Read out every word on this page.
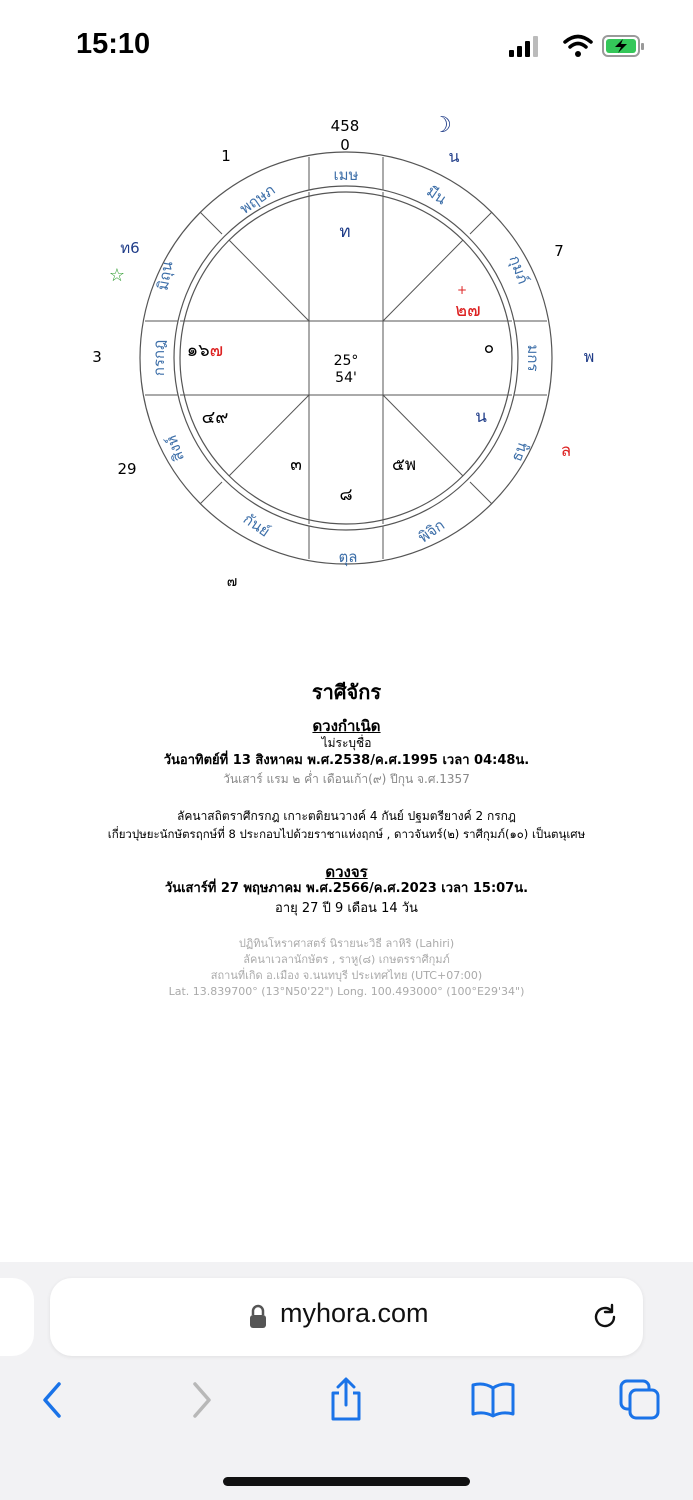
15:10
เมษ
พฤษภ
มิถุน
กรกฎ
สิงห์
กันย์
ตุล
พิจิก
ธนู
มกร
กุมภ์
มีน
458
0
1
☽
น
ท6
☆
7
3	พ
ล
29
๗
ท
+
๒๗
๐
น
๕พ
๘
๓
๔๙
๑๖๗	25°
54'
ราศีจักร
ดวงกำเนิด
ไม่ระบุชื่อ
วันอาทิตย์ที่ 13 สิงหาคม พ.ศ.2538/ค.ศ.1995 เวลา 04:48น.
วันเสาร์ แรม ๒ ค่ำ เดือนเก้า(๙) ปีกุน จ.ศ.1357
ลัคนาสถิตราศีกรกฎ เกาะตติยนวางค์ 4 กันย์ ปฐมตรียางค์ 2 กรกฎ
เกี่ยวปุษยะนักษัตรฤกษ์ที่ 8 ประกอบไปด้วยราชาแห่งฤกษ์ , ดาวจันทร์(๒) ราศีกุมภ์(๑๐) เป็นตนุเศษ
ดวงจร
วันเสาร์ที่ 27 พฤษภาคม พ.ศ.2566/ค.ศ.2023 เวลา 15:07น.
อายุ 27 ปี 9 เดือน 14 วัน
ปฏิทินโหราศาสตร์ นิรายนะวิธี ลาหิริ (Lahiri)
ลัคนาเวลานักษัตร , ราหู(๘) เกษตรราศีกุมภ์
สถานที่เกิด อ.เมือง จ.นนทบุรี ประเทศไทย (UTC+07:00)
Lat. 13.839700° (13°N50'22") Long. 100.493000° (100°E29'34")
myhora.com
